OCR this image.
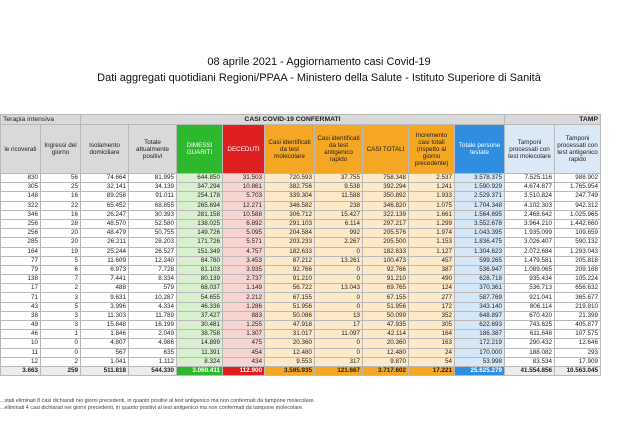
08 aprile 2021 - Aggiornamento casi Covid-19
Dati aggregati quotidiani Regioni/PPAA - Ministero della Salute - Istituto Superiore di Sanità
Terapia intensiva		CASI COVID-19 CONFERMATI									TAMP	
le ricoverati	Ingressi del giorno	Isolamento domiciliare	Totale attualmente positivi	DIMESSI GUARITI	DECEDUTI	Casi identificati da test molecolare	Casi identificati da test antigenico rapido	CASI TOTALI	Incremento casi totali (rispetto al giorno precedente)	Totale persone testate	Tamponi processati con test molecolare	Tamponi processati con test antigenico rapido
830	56	74.664	81.995	644.850	31.503	720.593	37.755	758.348	2.537	3.578.375	7.525.116	988.902
305	25	32.141	34.139	347.294	10.861	382.756	9.538	392.294	1.241	1.590.929	4.674.877	1.765.954
148	16	89.258	91.011	254.178	5.703	339.304	11.588	350.892	1.933	2.529.371	3.510.824	247.749
322	22	65.452	68.855	265.694	12.271	346.582	238	346.820	1.075	1.704.348	4.102.303	942.312
346	16	26.247	30.393	281.158	10.588	306.712	15.427	322.139	1.661	1.564.695	2.468.642	1.025.965
256	28	48.570	52.580	138.025	6.892	291.103	6.114	297.217	1.299	3.552.678	3.964.210	1.442.660
256	20	48.479	50.755	149.726	5.095	204.584	992	205.576	1.974	1.043.395	1.935.099	109.659
285	20	26.211	28.203	171.726	5.571	203.233	2.267	205.500	1.153	1.836.475	3.026.407	590.132
164	19	25.244	26.527	151.349	4.757	182.633	0	182.633	1.127	1.304.623	2.072.684	1.293.043
77	5	11.609	12.240	84.780	3.453	87.212	13.261	100.473	457	599.265	1.479.581	205.818
79	6	6.973	7.728	81.103	3.935	92.766	0	92.766	387	536.947	1.089.065	209.168
138	7	7.441	8.334	80.139	2.737	91.210	0	91.210	490	628.718	935.434	105.224
17	2	488	579	68.037	1.149	56.722	13.043	69.765	124	370.361	536.713	656.632
71	3	9.631	10.287	54.655	2.212	67.155	0	67.155	277	587.769	921.041	365.677
43	5	3.996	4.334	46.336	1.286	51.956	0	51.956	172	343.140	806.114	219.810
38	3	11.303	11.789	37.427	883	50.086	13	50.099	352	648.897	670.420	21.399
49	3	15.848	16.199	30.481	1.255	47.918	17	47.935	305	622.693	743.625	405.877
46	1	1.846	2.049	38.758	1.307	31.017	11.097	42.114	164	186.387	611.648	107.575
10	0	4.807	4.986	14.899	475	20.360	0	20.360	163	172.219	290.432	12.646
11	0	567	635	11.391	454	12.480	0	12.480	24	170.000	188.082	293
12	2	1.041	1.112	8.324	434	9.553	317	9.870	54	53.998	83.534	17.909
3.663	259	511.818	544.330	3.060.411	112.900	3.595.935	121.667	3.717.602	17.221	25.625.279	41.554.856	10.563.045
...stati eliminati 8 casi dichiarati nei giorni precedenti, in quanto positivi al test antigenico ma non confermati da tampone molecolare.
...eliminati 4 casi dichiarati nei giorni precedenti, in quanto positivi al test antigenico ma non confermati da tampone molecolare.
